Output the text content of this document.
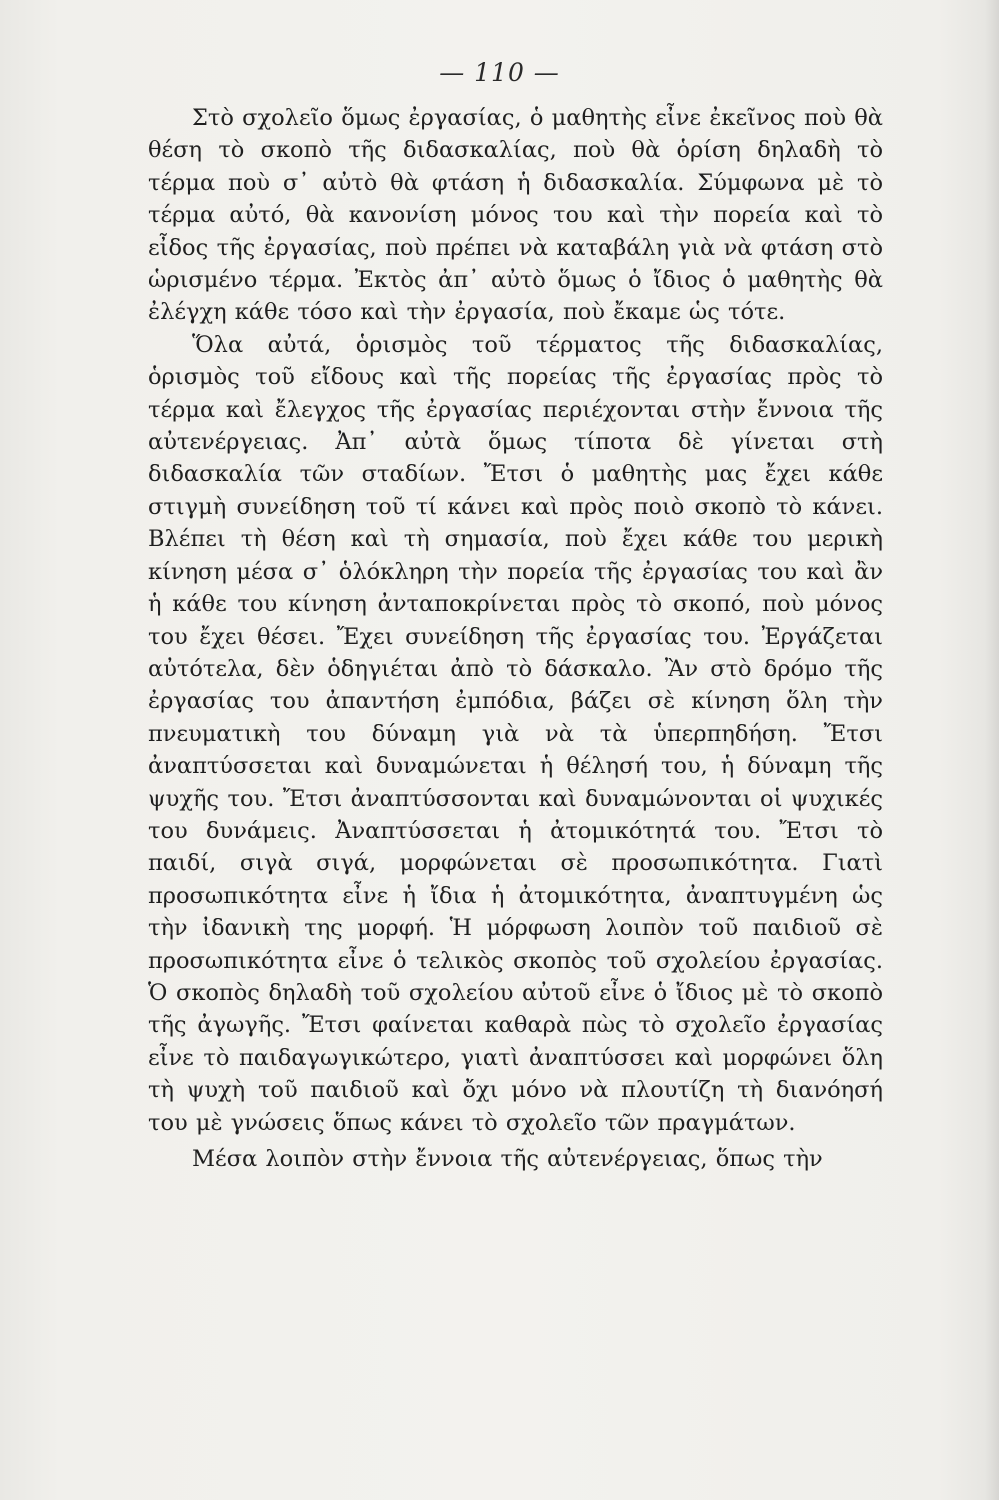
— 110 —

Στὸ σχολεῖο ὅμως ἐργασίας, ὁ μαθητὴς εἶνε ἐκεῖνος ποὺ θὰ θέση τὸ σκοπὸ τῆς διδασκαλίας, ποὺ θὰ ὁρίση δηλαδὴ τὸ τέρμα ποὺ σ᾽ αὐτὸ θὰ φτάση ἡ διδασκαλία. Σύμφωνα μὲ τὸ τέρμα αὐτό, θὰ κανονίση μόνος του καὶ τὴν πορεία καὶ τὸ εἶδος τῆς ἐργασίας, ποὺ πρέπει νὰ καταβάλη γιὰ νὰ φτάση στὸ ὡρισμένο τέρμα. Ἐκτὸς ἀπ᾽ αὐτὸ ὅμως ὁ ἴδιος ὁ μαθητὴς θὰ ἐλέγχη κάθε τόσο καὶ τὴν ἐργασία, ποὺ ἔκαμε ὡς τότε.

Ὅλα αὐτά, ὁρισμὸς τοῦ τέρματος τῆς διδασκαλίας, ὁρισμὸς τοῦ εἴδους καὶ τῆς πορείας τῆς ἐργασίας πρὸς τὸ τέρμα καὶ ἔλεγχος τῆς ἐργασίας περιέχονται στὴν ἔννοια τῆς αὐτενέργειας. Ἀπ᾽ αὐτὰ ὅμως τίποτα δὲ γίνεται στὴ διδασκαλία τῶν σταδίων. Ἔτσι ὁ μαθητὴς μας ἔχει κάθε στιγμὴ συνείδηση τοῦ τί κάνει καὶ πρὸς ποιὸ σκοπὸ τὸ κάνει. Βλέπει τὴ θέση καὶ τὴ σημασία, ποὺ ἔχει κάθε του μερικὴ κίνηση μέσα σ᾽ ὁλόκληρη τὴν πορεία τῆς ἐργασίας του καὶ ἂν ἡ κάθε του κίνηση ἀνταποκρίνεται πρὸς τὸ σκοπό, ποὺ μόνος του ἔχει θέσει. Ἔχει συνείδηση τῆς ἐργασίας του. Ἐργάζεται αὐτότελα, δὲν ὁδηγιέται ἀπὸ τὸ δάσκαλο. Ἂν στὸ δρόμο τῆς ἐργασίας του ἀπαντήση ἐμπόδια, βάζει σὲ κίνηση ὅλη τὴν πνευματικὴ του δύναμη γιὰ νὰ τὰ ὑπερπηδήση. Ἔτσι ἀναπτύσσεται καὶ δυναμώνεται ἡ θέλησή του, ἡ δύναμη τῆς ψυχῆς του. Ἔτσι ἀναπτύσσονται καὶ δυναμώνονται οἱ ψυχικές του δυνάμεις. Ἀναπτύσσεται ἡ ἀτομικότητά του. Ἔτσι τὸ παιδί, σιγὰ σιγά, μορφώνεται σὲ προσωπικότητα. Γιατὶ προσωπικότητα εἶνε ἡ ἴδια ἡ ἀτομικότητα, ἀναπτυγμένη ὡς τὴν ἰδανικὴ της μορφή. Ἡ μόρφωση λοιπὸν τοῦ παιδιοῦ σὲ προσωπικότητα εἶνε ὁ τελικὸς σκοπὸς τοῦ σχολείου ἐργασίας. Ὁ σκοπὸς δηλαδὴ τοῦ σχολείου αὐτοῦ εἶνε ὁ ἴδιος μὲ τὸ σκοπὸ τῆς ἀγωγῆς. Ἔτσι φαίνεται καθαρὰ πὼς τὸ σχολεῖο ἐργασίας εἶνε τὸ παιδαγωγικώτερο, γιατὶ ἀναπτύσσει καὶ μορφώνει ὅλη τὴ ψυχὴ τοῦ παιδιοῦ καὶ ὄχι μόνο νὰ πλουτίζη τὴ διανόησή του μὲ γνώσεις ὅπως κάνει τὸ σχολεῖο τῶν πραγμάτων.

Μέσα λοιπὸν στὴν ἔννοια τῆς αὐτενέργειας, ὅπως τὴν
